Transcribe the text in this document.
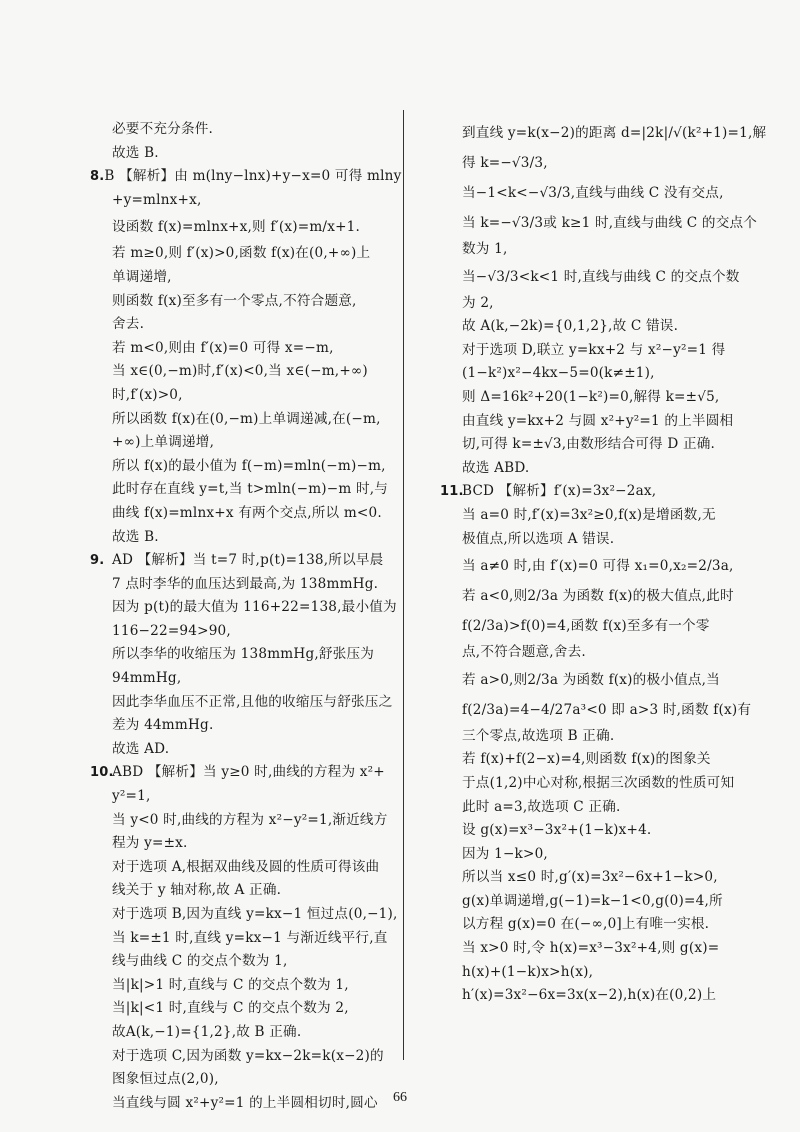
必要不充分条件.
故选 B.
8. B 【解析】由 m(lny−lnx)+y−x=0 可得 mlny
+y=mlnx+x,
设函数 f(x)=mlnx+x,则 f′(x)=m/x+1.
若 m≥0,则 f′(x)>0,函数 f(x)在(0,+∞)上
单调递增,
则函数 f(x)至多有一个零点,不符合题意,
舍去.
若 m<0,则由 f′(x)=0 可得 x=−m,
当 x∈(0,−m)时,f′(x)<0,当 x∈(−m,+∞)
时,f′(x)>0,
所以函数 f(x)在(0,−m)上单调递减,在(−m,
+∞)上单调递增,
所以 f(x)的最小值为 f(−m)=mln(−m)−m,
此时存在直线 y=t,当 t>mln(−m)−m 时,与
曲线 f(x)=mlnx+x 有两个交点,所以 m<0.
故选 B.
9. AD 【解析】当 t=7 时,p(t)=138,所以早晨
7 点时李华的血压达到最高,为 138mmHg.
因为 p(t)的最大值为 116+22=138,最小值为
116−22=94>90,
所以李华的收缩压为 138mmHg,舒张压为
94mmHg,
因此李华血压不正常,且他的收缩压与舒张压之
差为 44mmHg.
故选 AD.
10.
ABD 【解析】当 y≥0 时,曲线的方程为 x²+
y²=1,
当 y<0 时,曲线的方程为 x²−y²=1,渐近线方
程为 y=±x.
对于选项 A,根据双曲线及圆的性质可得该曲
线关于 y 轴对称,故 A 正确.
对于选项 B,因为直线 y=kx−1 恒过点(0,−1),
当 k=±1 时,直线 y=kx−1 与渐近线平行,直
线与曲线 C 的交点个数为 1,
当|k|>1 时,直线与 C 的交点个数为 1,
当|k|<1 时,直线与 C 的交点个数为 2,
故A(k,−1)={1,2},故 B 正确.
对于选项 C,因为函数 y=kx−2k=k(x−2)的
图象恒过点(2,0),
当直线与圆 x²+y²=1 的上半圆相切时,圆心
到直线 y=k(x−2)的距离 d=|2k|/√(k²+1)=1,解
得 k=−√3/3,
当−1<k<−√3/3,直线与曲线 C 没有交点,
当 k=−√3/3或 k≥1 时,直线与曲线 C 的交点个
数为 1,
当−√3/3<k<1 时,直线与曲线 C 的交点个数
为 2,
故 A(k,−2k)={0,1,2},故 C 错误.
对于选项 D,联立 y=kx+2 与 x²−y²=1 得
(1−k²)x²−4kx−5=0(k≠±1),
则 Δ=16k²+20(1−k²)=0,解得 k=±√5,
由直线 y=kx+2 与圆 x²+y²=1 的上半圆相
切,可得 k=±√3,由数形结合可得 D 正确.
故选 ABD.
11.
BCD 【解析】f′(x)=3x²−2ax,
当 a=0 时,f′(x)=3x²≥0,f(x)是增函数,无
极值点,所以选项 A 错误.
当 a≠0 时,由 f′(x)=0 可得 x₁=0,x₂=2/3a,
若 a<0,则2/3a 为函数 f(x)的极大值点,此时
f(2/3a)>f(0)=4,函数 f(x)至多有一个零
点,不符合题意,舍去.
若 a>0,则2/3a 为函数 f(x)的极小值点,当
f(2/3a)=4−4/27a³<0 即 a>3 时,函数 f(x)有
三个零点,故选项 B 正确.
若 f(x)+f(2−x)=4,则函数 f(x)的图象关
于点(1,2)中心对称,根据三次函数的性质可知
此时 a=3,故选项 C 正确.
设 g(x)=x³−3x²+(1−k)x+4.
因为 1−k>0,
所以当 x≤0 时,g′(x)=3x²−6x+1−k>0,
g(x)单调递增,g(−1)=k−1<0,g(0)=4,所
以方程 g(x)=0 在(−∞,0]上有唯一实根.
当 x>0 时,令 h(x)=x³−3x²+4,则 g(x)=
h(x)+(1−k)x>h(x),
h′(x)=3x²−6x=3x(x−2),h(x)在(0,2)上
66
